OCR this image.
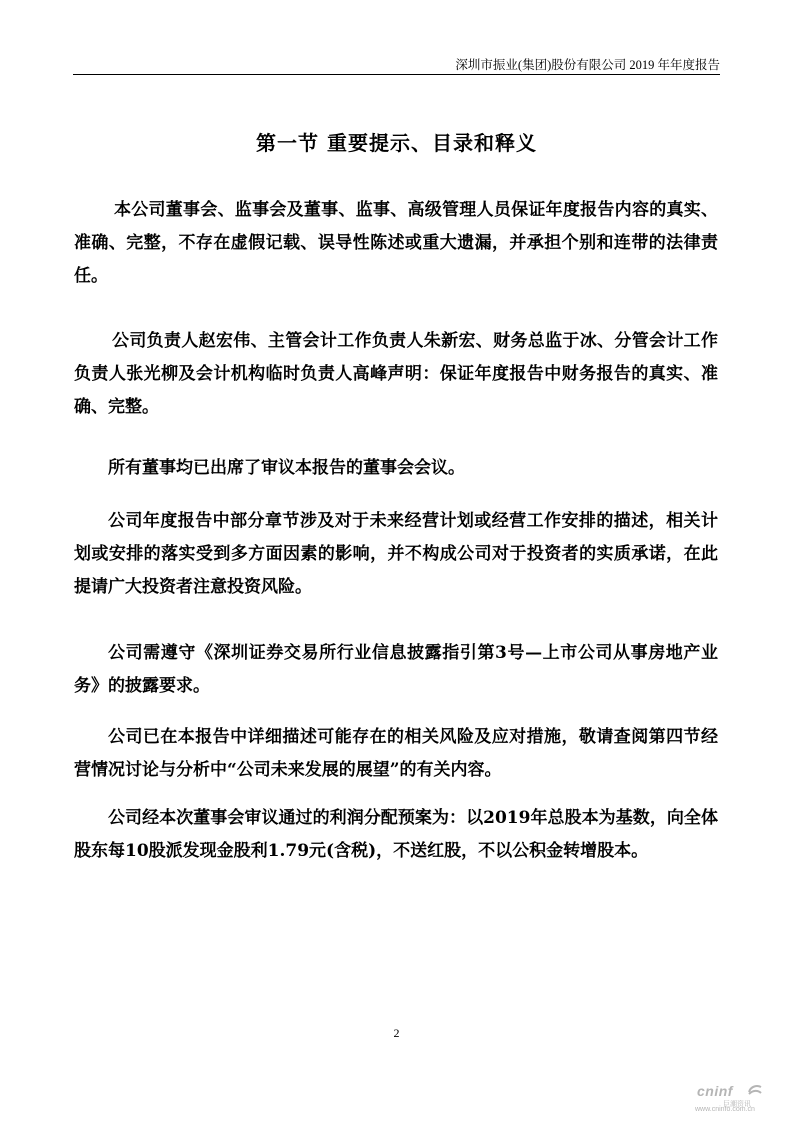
深圳市振业(集团)股份有限公司 2019 年年度报告
第一节 重要提示、目录和释义

本公司董事会、监事会及董事、监事、高级管理人员保证年度报告内容的真实、准确、完整，不存在虚假记载、误导性陈述或重大遗漏，并承担个别和连带的法律责任。

公司负责人赵宏伟、主管会计工作负责人朱新宏、财务总监于冰、分管会计工作负责人张光柳及会计机构临时负责人高峰声明：保证年度报告中财务报告的真实、准确、完整。

所有董事均已出席了审议本报告的董事会会议。

公司年度报告中部分章节涉及对于未来经营计划或经营工作安排的描述，相关计划或安排的落实受到多方面因素的影响，并不构成公司对于投资者的实质承诺，在此提请广大投资者注意投资风险。

公司需遵守《深圳证券交易所行业信息披露指引第3号—上市公司从事房地产业务》的披露要求。

公司已在本报告中详细描述可能存在的相关风险及应对措施，敬请查阅第四节经营情况讨论与分析中“公司未来发展的展望”的有关内容。

公司经本次董事会审议通过的利润分配预案为：以2019年总股本为基数，向全体股东每10股派发现金股利1.79元(含税)，不送红股，不以公积金转增股本。

2
cninf
巨潮资讯
www.cninfo.com.cn
